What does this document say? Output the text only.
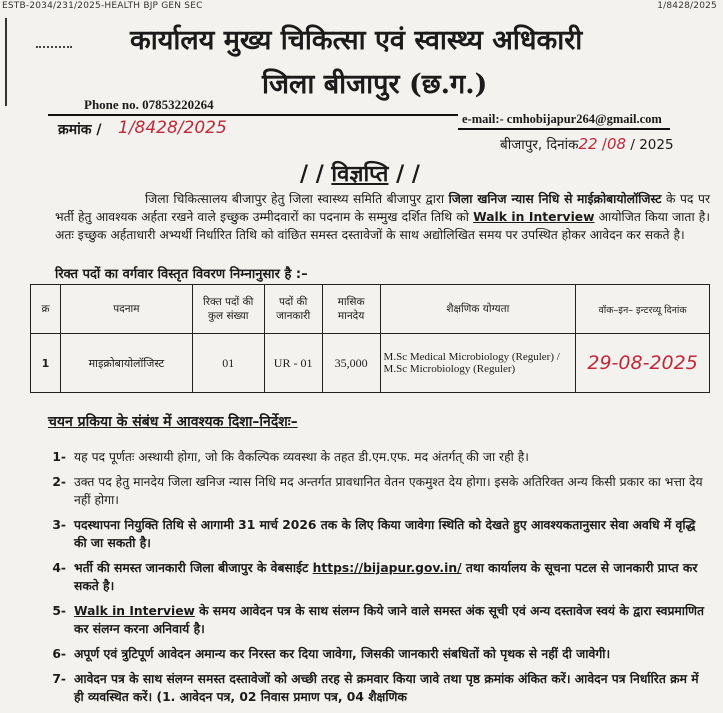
ESTB-2034/231/2025-HEALTH BJP GEN SEC	1/8428/2025
कार्यालय मुख्य चिकित्सा एवं स्वास्थ्य अधिकारी
जिला बीजापुर (छ.ग.)
Phone no. 07853220264
e-mail:- cmhobijapur264@gmail.com
क्रमांक / 1/8428/2025
बीजापुर, दिनांक22 /08 / 2025
/ / विज्ञप्ति / /
जिला चिकित्सालय बीजापुर हेतु जिला स्वास्थ्य समिति बीजापुर द्वारा जिला खनिज न्यास निधि से माईक्रोबायोलॉजिस्ट के पद पर भर्ती हेतु आवश्यक अर्हता रखने वाले इच्छुक उम्मीदवारों का पदनाम के सम्मुख दर्शित तिथि को Walk in Interview आयोजित किया जाता है। अतः इच्छुक अर्हताधारी अभ्यर्थी निर्धारित तिथि को वांछित समस्त दस्तावेजों के साथ अद्योलिखित समय पर उपस्थित होकर आवेदन कर सकते है।
रिक्त पदों का वर्गवार विस्तृत विवरण निम्नानुसार है :–
क्र	पदनाम	रिक्त पदों की कुल संख्या	पदों की जानकारी	मासिक मानदेय	शैक्षणिक योग्यता	वॉक–इन– इन्टरव्यू दिनांक
1	माइक्रोबायोलॉजिस्ट	01	UR - 01	35,000	M.Sc Medical Microbiology (Reguler) /
M.Sc Microbiology (Reguler)	29-08-2025
चयन प्रकिया के संबंध में आवश्यक दिशा–निर्देशः–
1- यह पद पूर्णतः अस्थायी होगा, जो कि वैकल्पिक व्यवस्था के तहत डी.एम.एफ. मद अंतर्गत् की जा रही है।
2- उक्त पद हेतु मानदेय जिला खनिज न्यास निधि मद अन्तर्गत प्रावधानित वेतन एकमुश्त देय होगा। इसके अतिरिक्त अन्य किसी प्रकार का भत्ता देय नहीं होगा।
3- पदस्थापना नियुक्ति तिथि से आगामी 31 मार्च 2026 तक के लिए किया जावेगा स्थिति को देखते हुए आवश्यकतानुसार सेवा अवधि में वृद्धि की जा सकती है।
4- भर्ती की समस्त जानकारी जिला बीजापुर के वेबसाईट https://bijapur.gov.in/ तथा कार्यालय के सूचना पटल से जानकारी प्राप्त कर सकते है।
5- Walk in Interview के समय आवेदन पत्र के साथ संलग्न किये जाने वाले समस्त अंक सूची एवं अन्य दस्तावेज स्वयं के द्वारा स्वप्रमाणित कर संलग्न करना अनिवार्य है।
6- अपूर्ण एवं त्रुटिपूर्ण आवेदन अमान्य कर निरस्त कर दिया जावेगा, जिसकी जानकारी संबधितों को पृथक से नहीं दी जावेगी।
7- आवेदन पत्र के साथ संलग्न समस्त दस्तावेजों को अच्छी तरह से क्रमवार किया जावे तथा पृष्ठ क्रमांक अंकित करें। आवेदन पत्र निर्धारित क्रम में ही व्यवस्थित करें। (1. आवेदन पत्र, 02 निवास प्रमाण पत्र, 04 शैक्षणिक
